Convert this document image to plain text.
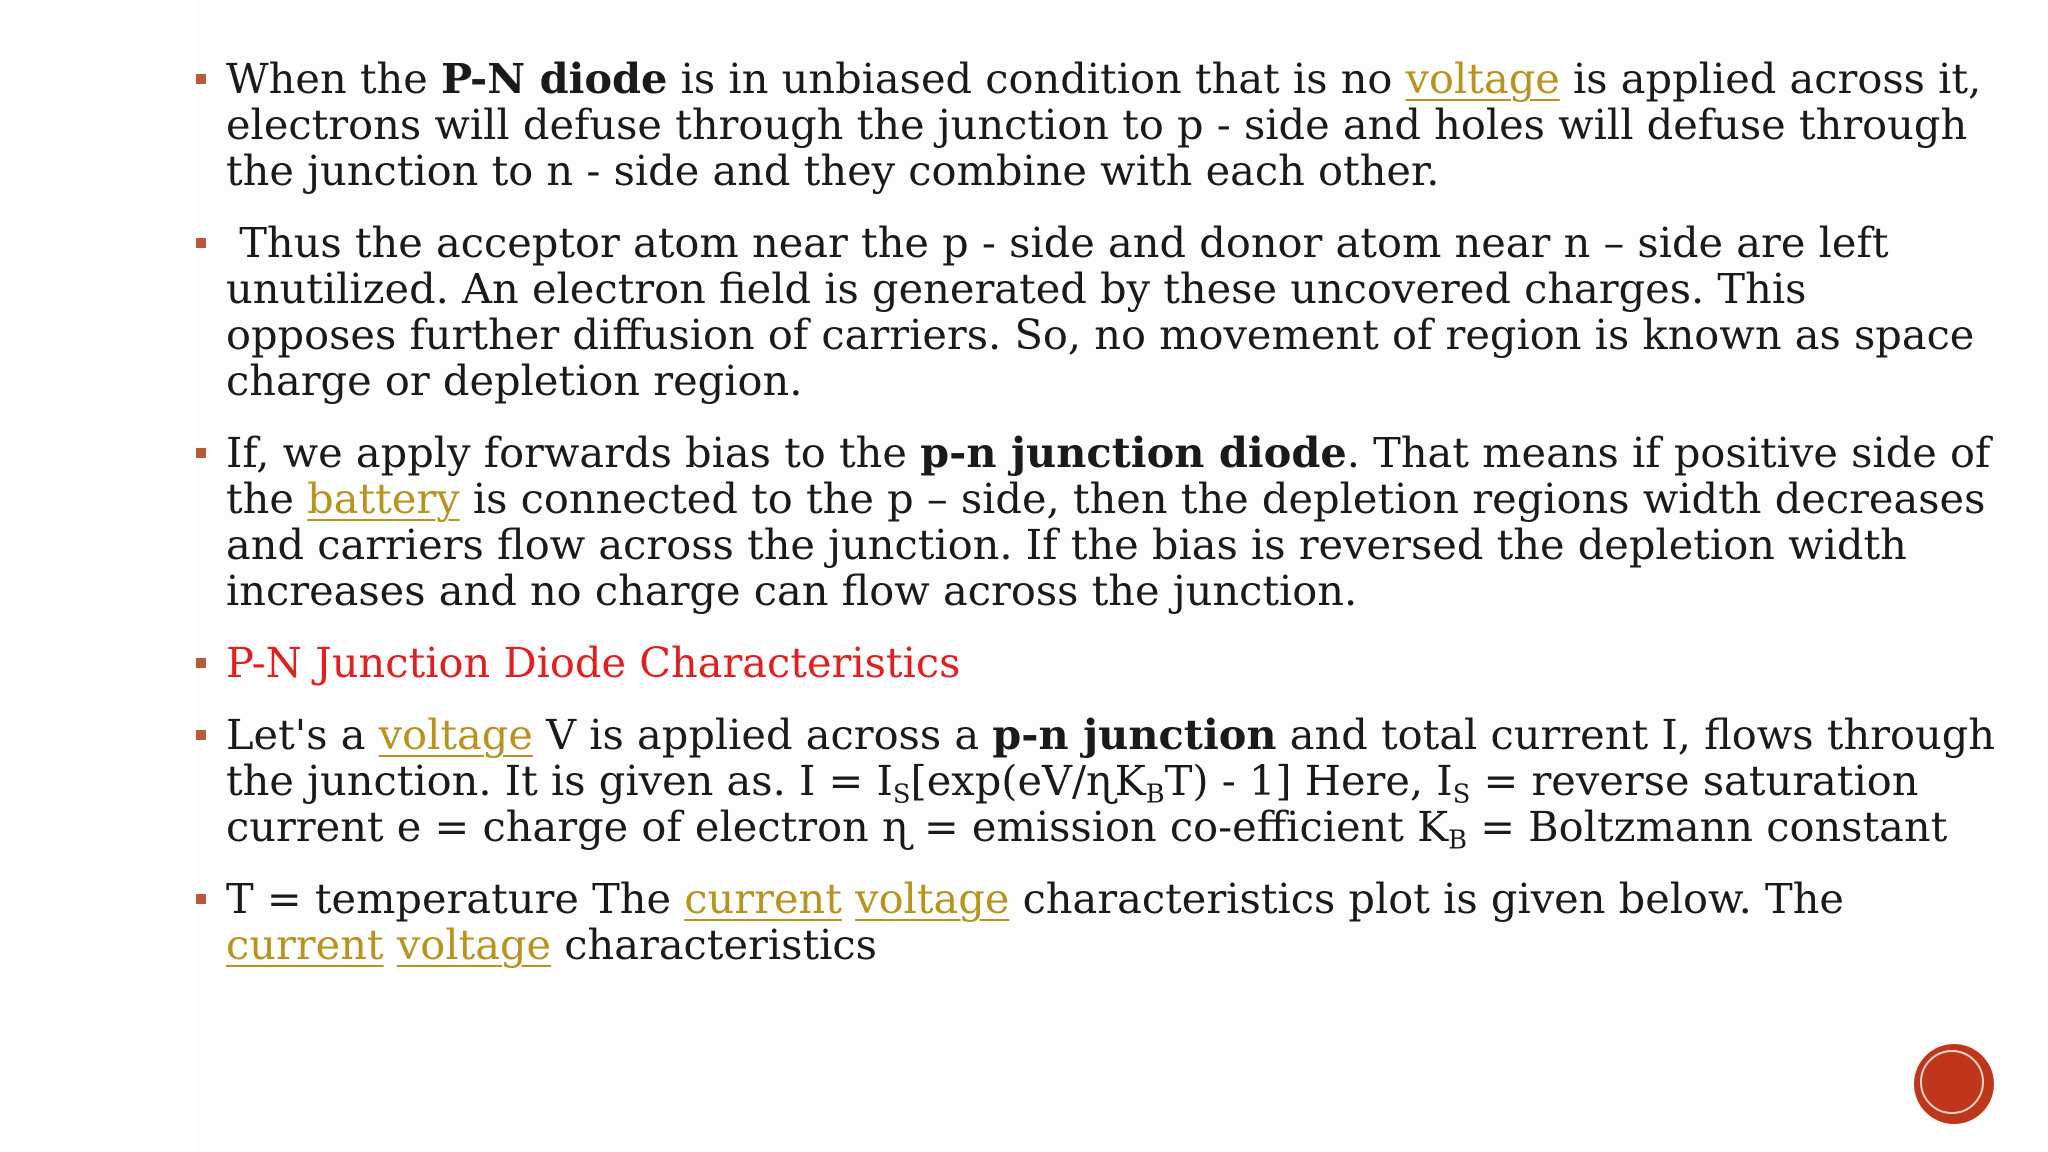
When the P-N diode is in unbiased condition that is no voltage is applied across it,
electrons will defuse through the junction to p - side and holes will defuse through
the junction to n - side and they combine with each other.
Thus the acceptor atom near the p - side and donor atom near n – side are left
unutilized. An electron field is generated by these uncovered charges. This
opposes further diffusion of carriers. So, no movement of region is known as space
charge or depletion region.
If, we apply forwards bias to the p-n junction diode. That means if positive side of
the battery is connected to the p – side, then the depletion regions width decreases
and carriers flow across the junction. If the bias is reversed the depletion width
increases and no charge can flow across the junction.
P-N Junction Diode Characteristics
Let's a voltage V is applied across a p-n junction and total current I, flows through
the junction. It is given as. $I = I_S[\exp(eV/ɳK_BT) - 1]$ Here, $I_S$ = reverse saturation
current e = charge of electron ɳ = emission co-efficient $K_B$ = Boltzmann constant
T = temperature The current voltage characteristics plot is given below. The
current voltage characteristics
